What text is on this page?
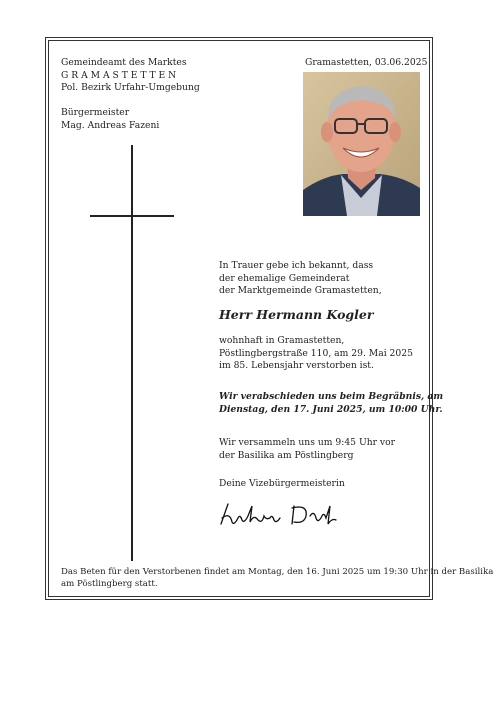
Gemeindeamt des Marktes
G R A M A S T E T T E N
Pol. Bezirk Urfahr-Umgebung
Bürgermeister
Mag. Andreas Fazeni
Gramastetten, 03.06.2025
In Trauer gebe ich bekannt, dass
der ehemalige Gemeinderat
der Marktgemeinde Gramastetten,
Herr Hermann Kogler
wohnhaft in Gramastetten,
Pöstlingbergstraße 110, am 29. Mai 2025
im 85. Lebensjahr verstorben ist.
Wir verabschieden uns beim Begräbnis, am
Dienstag, den 17. Juni 2025, um 10:00 Uhr.
Wir versammeln uns um 9:45 Uhr vor
der Basilika am Pöstlingberg
Deine Vizebürgermeisterin
Das Beten für den Verstorbenen findet am Montag, den 16. Juni 2025 um 19:30 Uhr in der Basilika
am Pöstlingberg statt.
